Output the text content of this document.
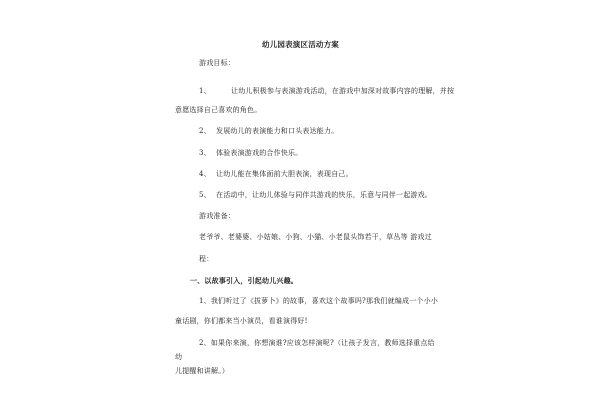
幼儿园表演区活动方案
游戏目标：
1、	让幼儿积极参与表演游戏活动，在游戏中加深对故事内容的理解，并按
意愿选择自己喜欢的角色。
2、 发展幼儿的表演能力和口头表达能力。
3、 体验表演游戏的合作快乐。
4、 让幼儿能在集体面前大胆表演，表现自己。
5、 在活动中，让幼儿体验与同伴共游戏的快乐，乐意与同伴一起游戏。
游戏准备：
老爷爷、老婆婆、小姑娘、小狗、小猫、小老鼠头饰若干，草丛等 游戏过
程：
一、以故事引入，引起幼儿兴趣。
1、我们听过了《拔萝卜》的故事，喜欢这个故事吗?那我们就编成一个小小
童话剧，你们都来当小演员，看谁演得好!
2、如果你来演，你想演谁?应该怎样演呢?（让孩子发言，教师选择重点给
幼
儿提醒和讲解。）
